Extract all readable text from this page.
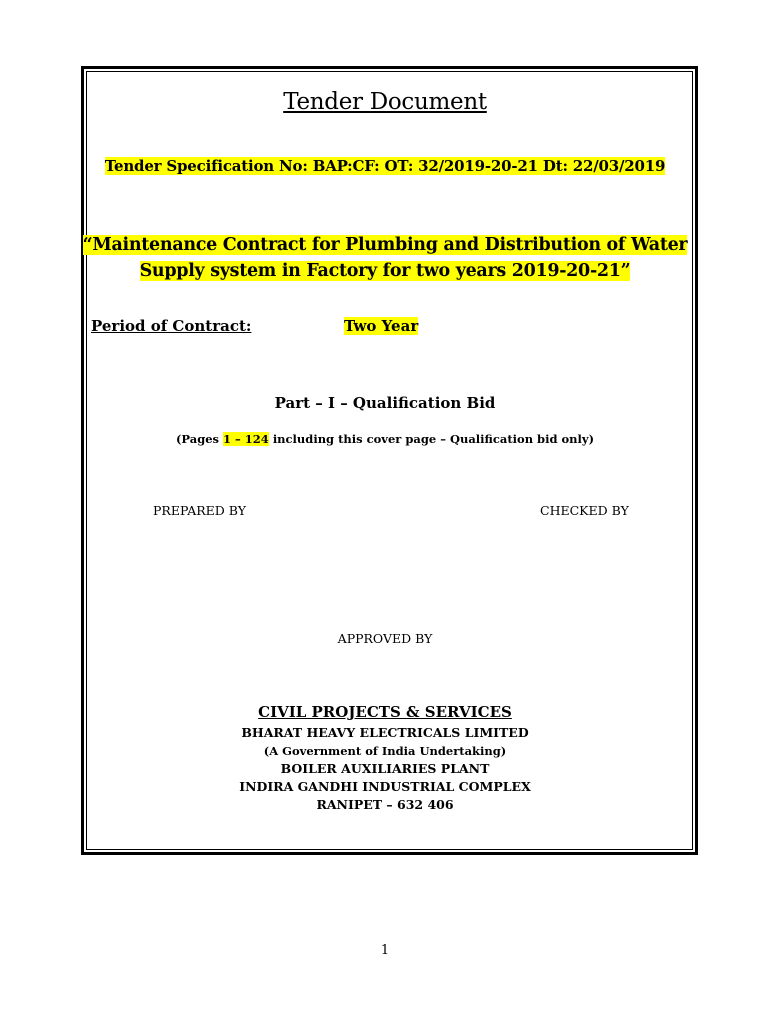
Tender Document
Tender Specification No: BAP:CF: OT: 32/2019-20-21 Dt: 22/03/2019
“Maintenance Contract for Plumbing and Distribution of Water
Supply system in Factory for two years 2019-20-21”
Period of Contract:	Two Year
Part – I – Qualification Bid
(Pages 1 – 124 including this cover page – Qualification bid only)
PREPARED BY	CHECKED BY
APPROVED BY
CIVIL PROJECTS & SERVICES
BHARAT HEAVY ELECTRICALS LIMITED
(A Government of India Undertaking)
BOILER AUXILIARIES PLANT
INDIRA GANDHI INDUSTRIAL COMPLEX
RANIPET – 632 406
1
